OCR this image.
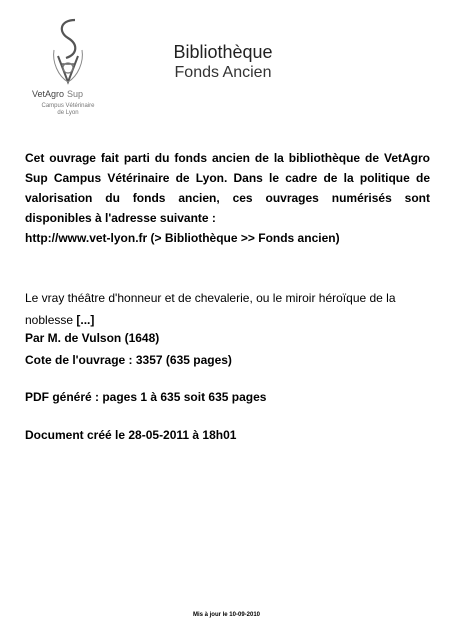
VetAgro Sup
Campus Vétérinaire
de Lyon
Bibliothèque
Fonds Ancien

Cet ouvrage fait parti du fonds ancien de la bibliothèque de VetAgro Sup Campus Vétérinaire de Lyon. Dans le cadre de la politique de valorisation du fonds ancien, ces ouvrages numérisés sont disponibles à l'adresse suivante :

http://www.vet-lyon.fr (> Bibliothèque >> Fonds ancien)

Le vray théâtre d'honneur et de chevalerie, ou le miroir héroïque de la noblesse [...]

Par M. de Vulson (1648)

Cote de l'ouvrage : 3357 (635 pages)

PDF généré : pages 1 à 635 soit 635 pages

Document créé le 28-05-2011 à 18h01

Mis à jour le 10-09-2010
